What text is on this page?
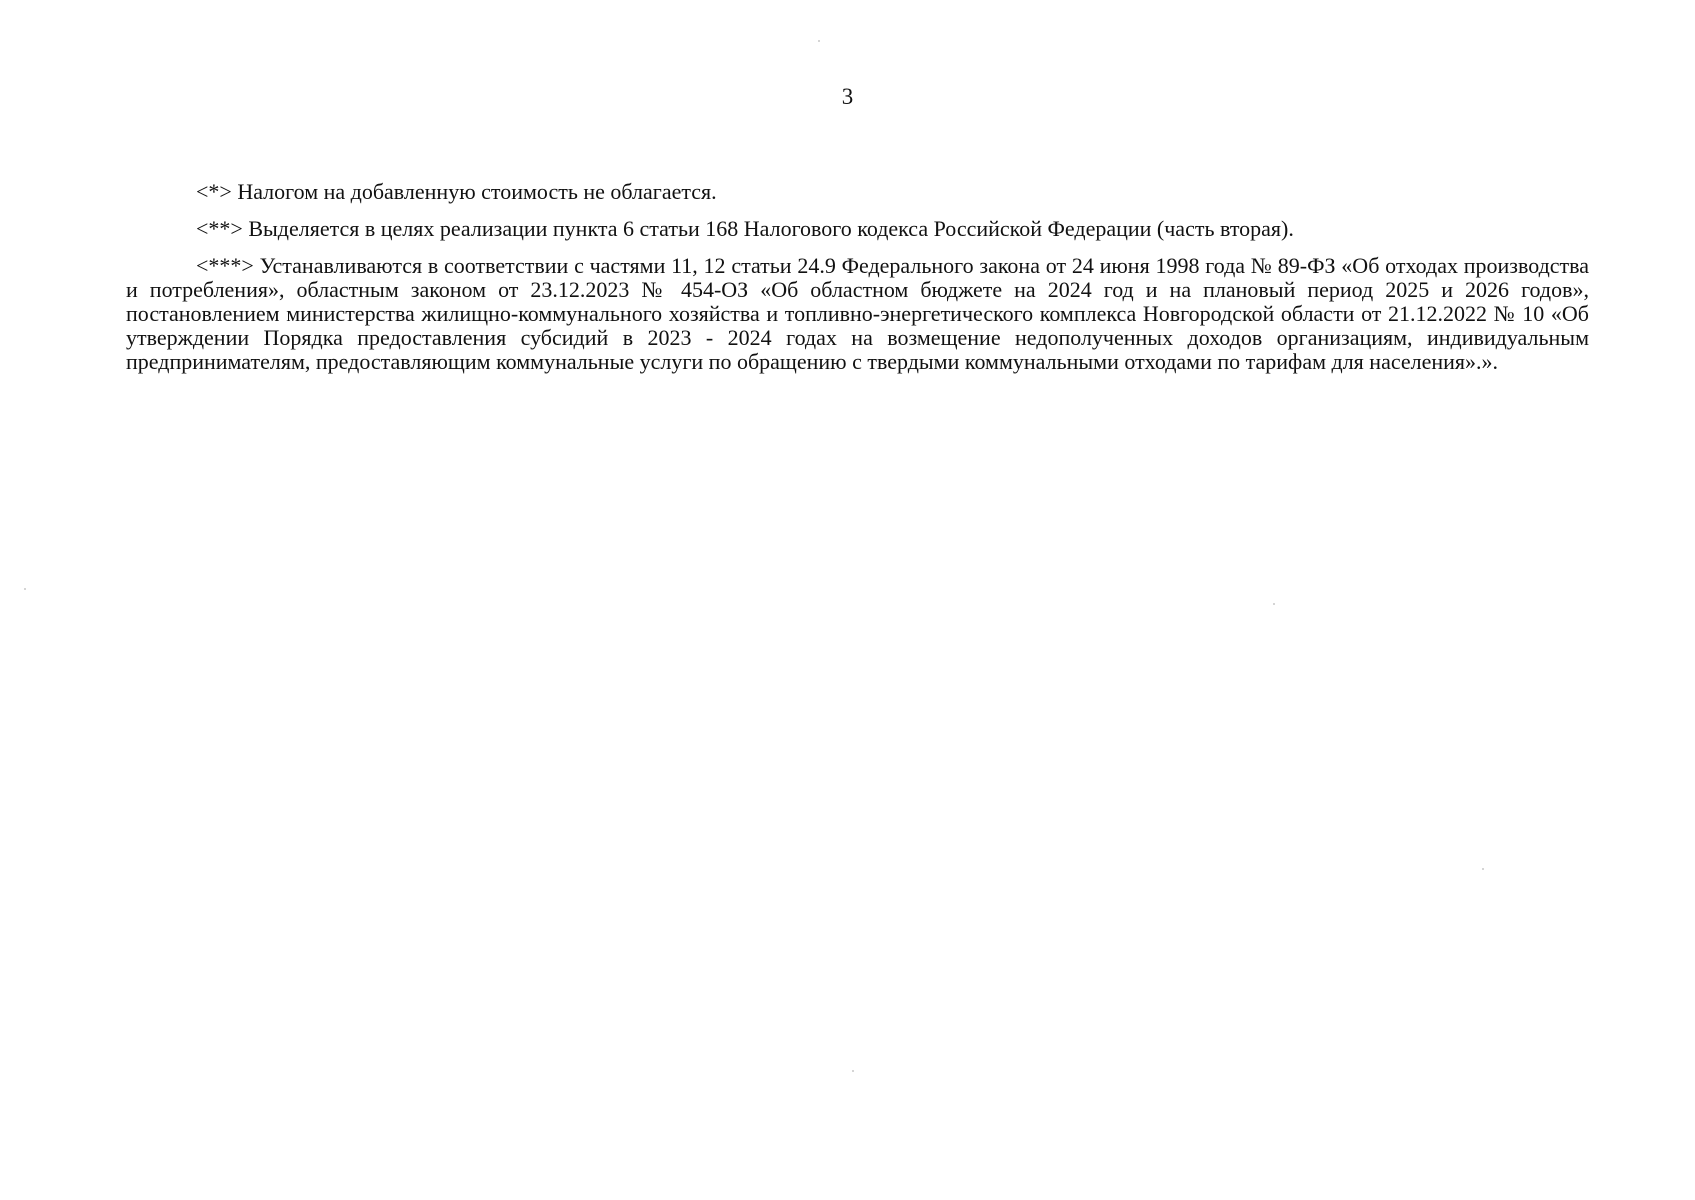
3

<*> Налогом на добавленную стоимость не облагается.

<**> Выделяется в целях реализации пункта 6 статьи 168 Налогового кодекса Российской Федерации (часть вторая).

<***> Устанавливаются в соответствии с частями 11, 12 статьи 24.9 Федерального закона от 24 июня 1998 года № 89-ФЗ «Об отходах производства и потребления», областным законом от 23.12.2023 № 454-ОЗ «Об областном бюджете на 2024 год и на плановый период 2025 и 2026 годов», постановлением министерства жилищно-коммунального хозяйства и топливно-энергетического комплекса Новгородской области от 21.12.2022 № 10 «Об утверждении Порядка предоставления субсидий в 2023 - 2024 годах на возмещение недополученных доходов организациям, индивидуальным предпринимателям, предоставляющим коммунальные услуги по обращению с твердыми коммунальными отходами по тарифам для населения».».
